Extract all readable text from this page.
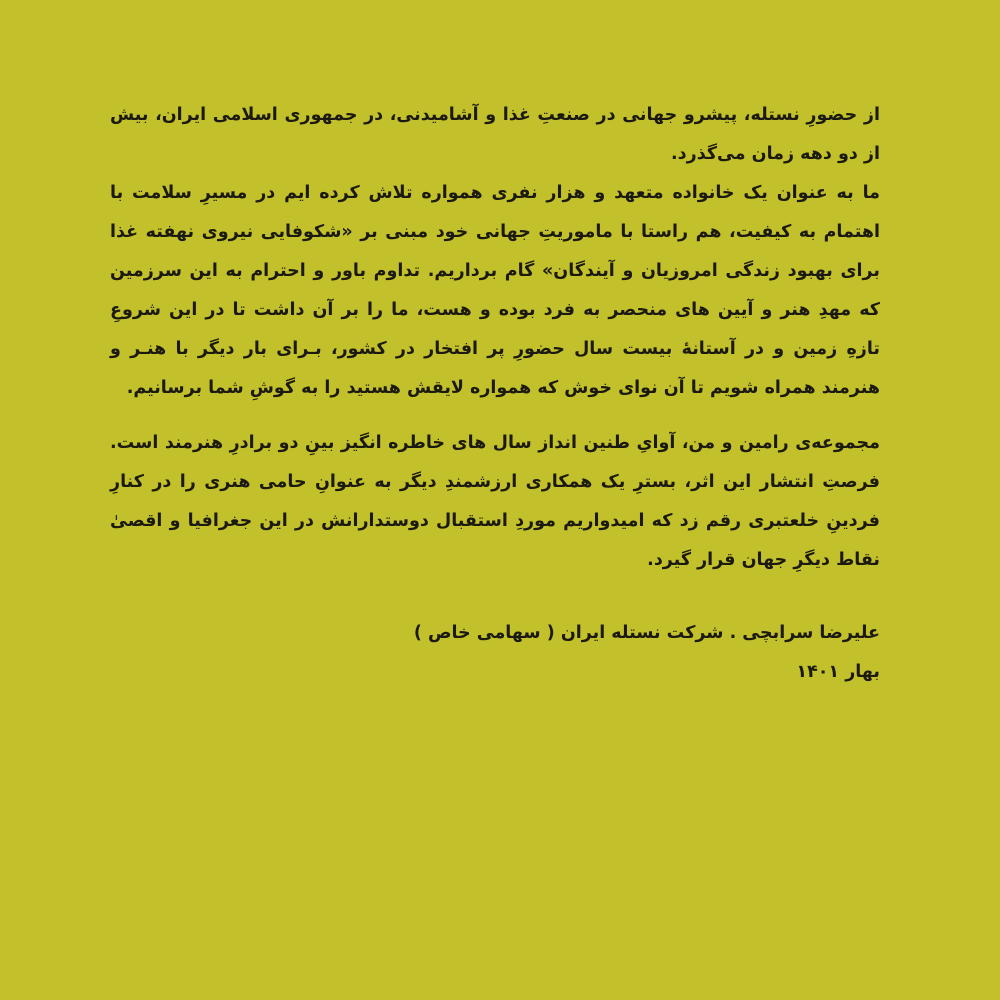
از حضورِ نستله، پیشرو جهانی در صنعتِ غذا و آشامیدنی، در جمهوری اسلامی ایران، بیش از دو دهه زمان می‌گذرد.

ما به عنوان یک خانواده متعهد و هزار نفری همواره تلاش کرده ایم در مسیرِ سلامت با اهتمام به کیفیت، هم راستا با ماموریتِ جهانی خود مبنی بر «شکوفایی نیروی نهفته غذا برای بهبود زندگی امروزیان و آیندگان» گام برداریم. تداوم باور و احترام به این سرزمین که مهدِ هنر و آیین های منحصر به فرد بوده و هست، ما را بر آن داشت تا در این شروعِ تازهِ زمین و در آستانهٔ بیست سال حضورِ پر افتخار در کشور، بـرای بار دیگر با هنـر و هنرمند همراه شویم تا آن نوای خوش که همواره لایقش هستید را به گوشِ شما برسانیم.

مجموعه‌ی رامین و من، آوایِ طنین انداز سال های خاطره انگیز بینِ دو برادرِ هنرمند است. فرصتِ انتشار این اثر، بسترِ یک همکاری ارزشمندِ دیگر به عنوانِ حامی هنری را در کنارِ فردینِ خلعتبری رقم زد که امیدواریم موردِ استقبال دوستدارانش در این جغرافیا و اقصیٰ نقاط دیگرِ جهان قرار گیرد.

علیرضا سرابچی . شرکت نستله ایران ( سهامی خاص )

بهار ۱۴۰۱
